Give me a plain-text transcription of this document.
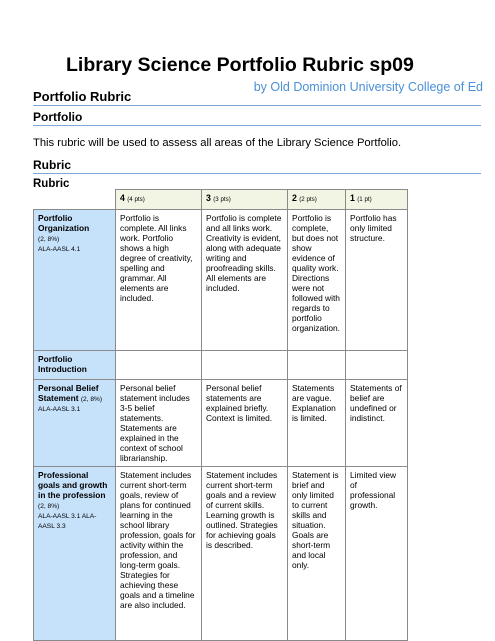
Library Science Portfolio Rubric sp09
by Old Dominion University College of Ed
Portfolio Rubric
Portfolio
This rubric will be used to assess all areas of the Library Science Portfolio.
Rubric
Rubric
	4 (4 pts)	3 (3 pts)	2 (2 pts)	1 (1 pt)
Portfolio Organization
(2, 8%)
ALA-AASL 4.1	Portfolio is complete. All links work. Portfolio shows a high degree of creativity, spelling and grammar. All elements are included.	Portfolio is complete and all links work. Creativity is evident, along with adequate writing and proofreading skills. All elements are included.	Portfolio is complete, but does not show evidence of quality work. Directions were not followed with regards to portfolio organization.	Portfolio has only limited structure.
Portfolio Introduction				
Personal Belief Statement (2, 8%)
ALA-AASL 3.1	Personal belief statement includes 3-5 belief statements. Statements are explained in the context of school librarianship.	Personal belief statements are explained briefly. Context is limited.	Statements are vague. Explanation is limited.	Statements of belief are undefined or indistinct.
Professional goals and growth in the profession (2, 8%)
ALA-AASL 3.1 ALA-AASL 3.3	Statement includes current short-term goals, review of plans for continued learning in the school library profession, goals for activity within the profession, and long-term goals. Strategies for achieving these goals and a timeline are also included.	Statement includes current short-term goals and a review of current skills. Learning growth is outlined. Strategies for achieving goals is described.	Statement is brief and only limited to current skills and situation. Goals are short-term and local only.	Limited view of professional growth.
